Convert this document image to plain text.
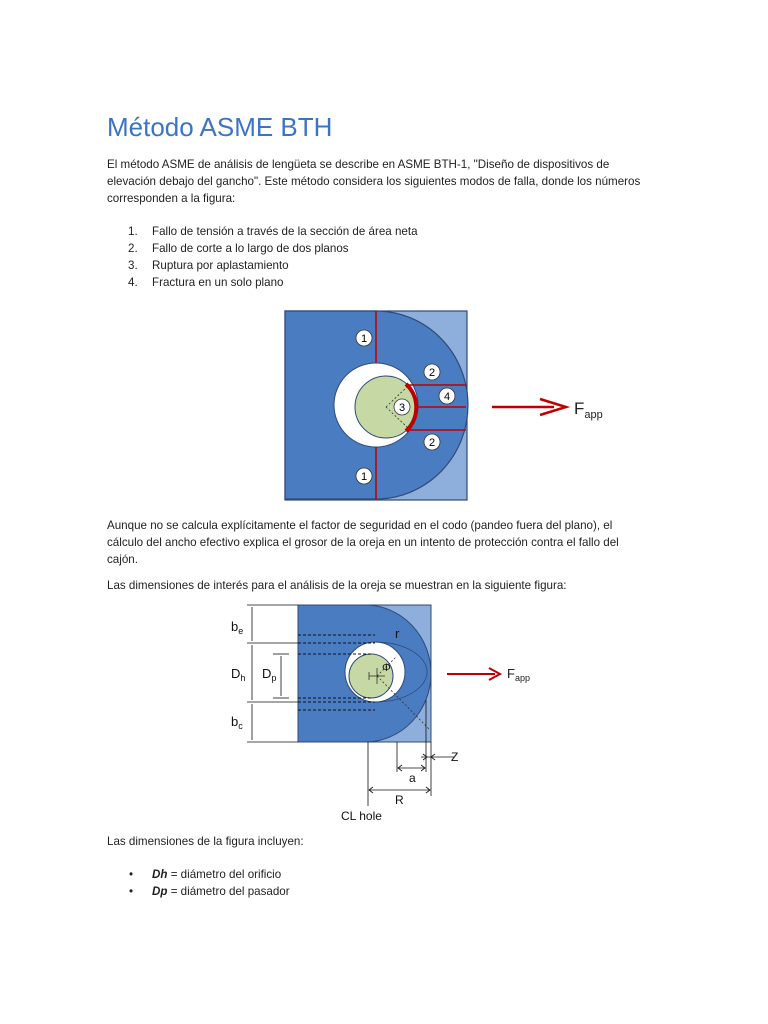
Método ASME BTH

El método ASME de análisis de lengüeta se describe en ASME BTH-1, "Diseño de dispositivos de
elevación debajo del gancho". Este método considera los siguientes modos de falla, donde los números
corresponden a la figura:

1.	Fallo de tensión a través de la sección de área neta
2.	Fallo de corte a lo largo de dos planos
3.	Ruptura por aplastamiento
4.	Fractura en un solo plano
1
2
3
4
2
1
$F_{app}$

Aunque no se calcula explícitamente el factor de seguridad en el codo (pandeo fuera del plano), el
cálculo del ancho efectivo explica el grosor de la oreja en un intento de protección contra el fallo del
cajón.

Las dimensiones de interés para el análisis de la oreja se muestran en la siguiente figura:

$b_e$
$D_h$ $D_p$
$b_c$
r
Φ
Z
a
R
CL hole
$F_{app}$

Las dimensiones de la figura incluyen:

•	Dh = diámetro del orificio
•	Dp = diámetro del pasador
